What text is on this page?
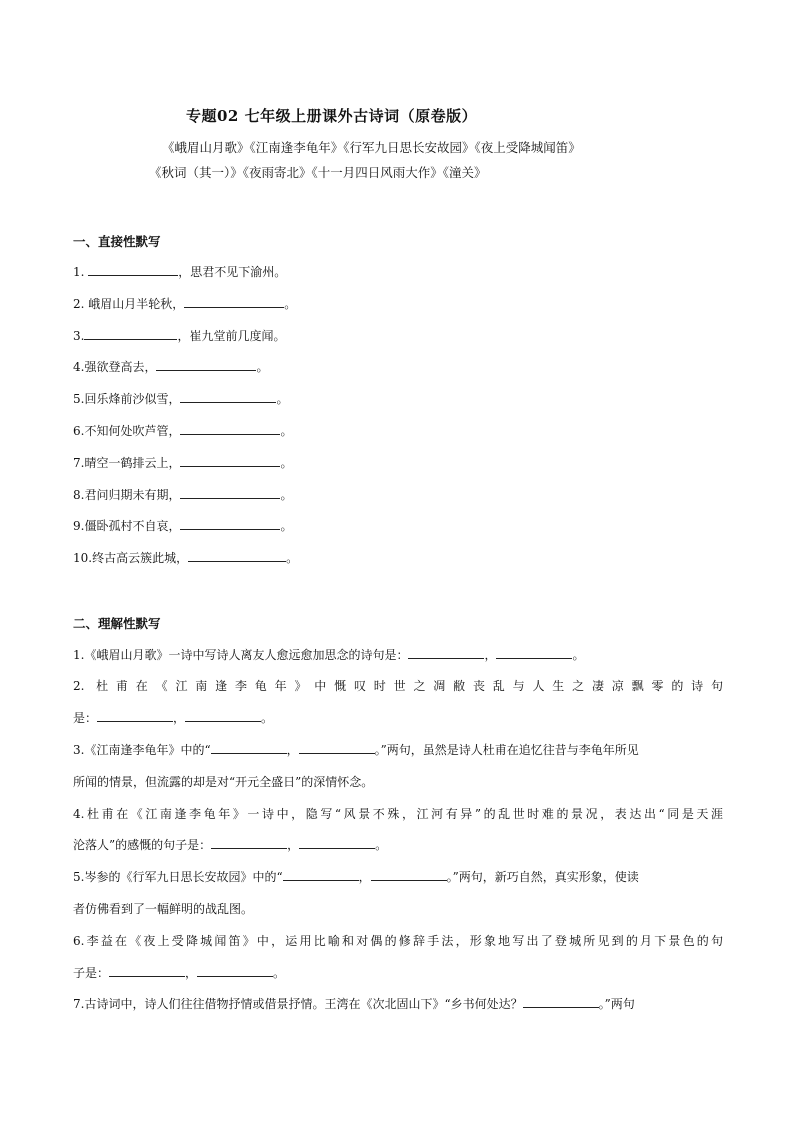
专题02 七年级上册课外古诗词（原卷版）
《峨眉山月歌》《江南逢李龟年》《行军九日思长安故园》《夜上受降城闻笛》
《秋词（其一）》《夜雨寄北》《十一月四日风雨大作》《潼关》
一、直接性默写
1.	，思君不见下渝州。
2. 峨眉山月半轮秋，	。
3.	，崔九堂前几度闻。
4.强欲登高去，	。
5.回乐烽前沙似雪，	。
6.不知何处吹芦管，	。
7.晴空一鹤排云上，	。
8.君问归期未有期，	。
9.僵卧孤村不自哀，	。
10.终古高云簇此城，	。
二、理解性默写
1.《峨眉山月歌》一诗中写诗人离友人愈远愈加思念的诗句是：	，	。
2. 杜甫在《江南逢李龟年》中慨叹时世之凋敝丧乱与人生之凄凉飘零的诗句
是：	，	。
3.《江南逢李龟年》中的“	，	。”两句，虽然是诗人杜甫在追忆往昔与李龟年所见
所闻的情景，但流露的却是对“开元全盛日”的深情怀念。
4.杜甫在《江南逢李龟年》一诗中，隐写“风景不殊，江河有异”的乱世时难的景况，表达出“同是天涯
沦落人”的感慨的句子是：	，	。
5.岑参的《行军九日思长安故园》中的“	，	。”两句，新巧自然，真实形象，使读
者仿佛看到了一幅鲜明的战乱图。
6.李益在《夜上受降城闻笛》中，运用比喻和对偶的修辞手法，形象地写出了登城所见到的月下景色的句
子是：	，	。
7.古诗词中，诗人们往往借物抒情或借景抒情。王湾在《次北固山下》“乡书何处达？	。”两句
